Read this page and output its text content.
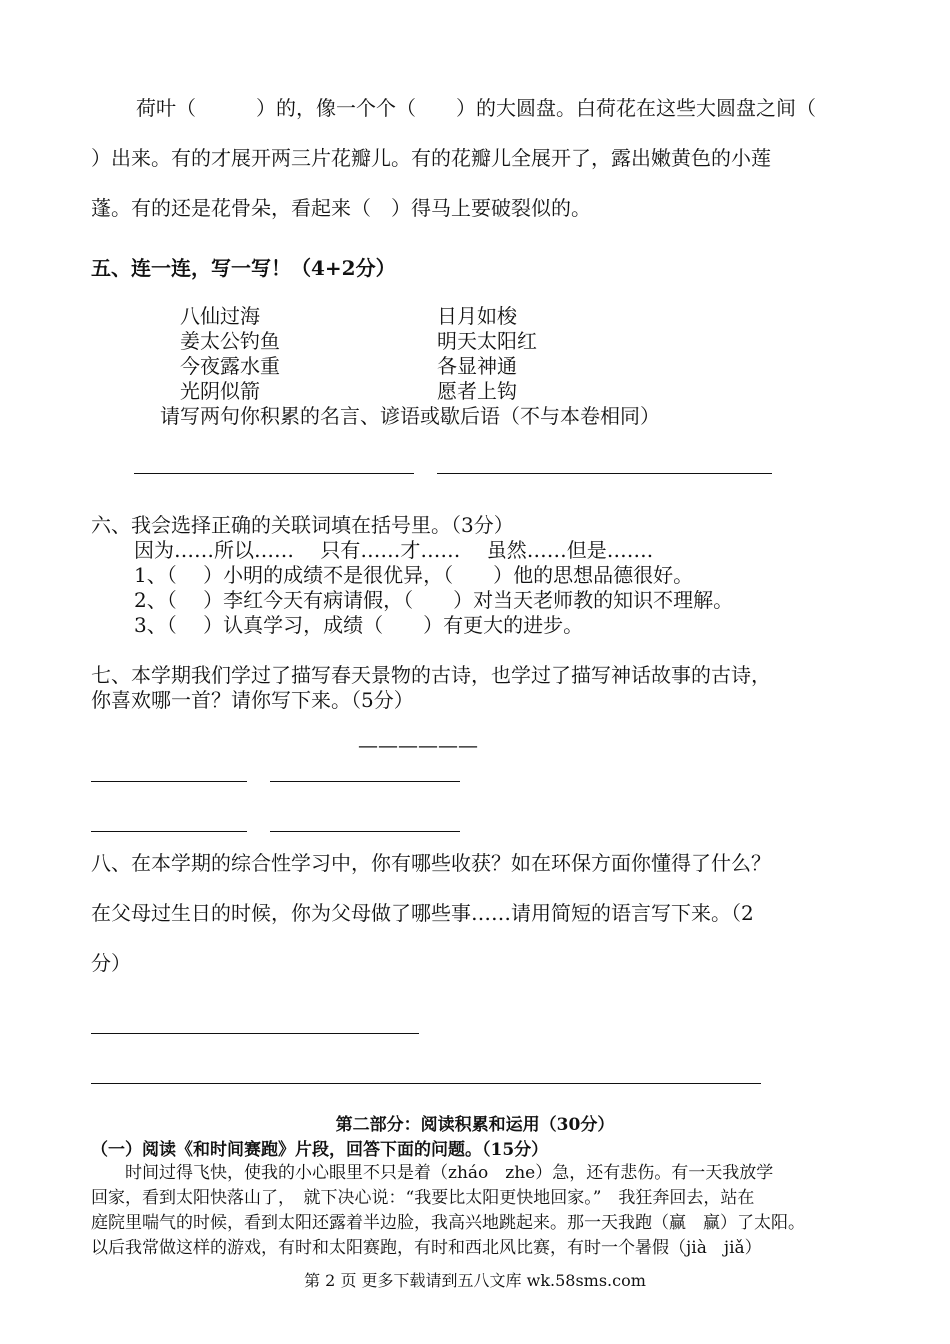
荷叶（　　　）的，像一个个（　　）的大圆盘。白荷花在这些大圆盘之间（
）出来。有的才展开两三片花瓣儿。有的花瓣儿全展开了，露出嫩黄色的小莲
蓬。有的还是花骨朵，看起来（　）得马上要破裂似的。
五、连一连，写一写！（4+2分）
八仙过海
姜太公钓鱼
今夜露水重
光阴似箭
日月如梭
明天太阳红
各显神通
愿者上钩
请写两句你积累的名言、谚语或歇后语（不与本卷相同）
六、我会选择正确的关联词填在括号里。（3分）
因为……所以……　 只有……才……　 虽然……但是…….
1、（　 ）小明的成绩不是很优异，（　　）他的思想品德很好。
2、（　 ）李红今天有病请假，（　　）对当天老师教的知识不理解。
3、（　 ）认真学习，成绩（　　）有更大的进步。
七、本学期我们学过了描写春天景物的古诗，也学过了描写神话故事的古诗，
你喜欢哪一首？请你写下来。（5分）
——————
八、在本学期的综合性学习中，你有哪些收获？如在环保方面你懂得了什么？
在父母过生日的时候，你为父母做了哪些事……请用简短的语言写下来。（2
分）
第二部分：阅读积累和运用（30分）
（一）阅读《和时间赛跑》片段，回答下面的问题。（15分）
　　时间过得飞快，使我的小心眼里不只是着（zháo　zhe）急，还有悲伤。有一天我放学
回家，看到太阳快落山了，　就下决心说：“我要比太阳更快地回家。”　我狂奔回去，站在
庭院里喘气的时候，看到太阳还露着半边脸，我高兴地跳起来。那一天我跑（赢　赢）了太阳。
以后我常做这样的游戏，有时和太阳赛跑，有时和西北风比赛，有时一个暑假（jià　jiǎ）
第 2 页 更多下载请到五八文库 wk.58sms.com
